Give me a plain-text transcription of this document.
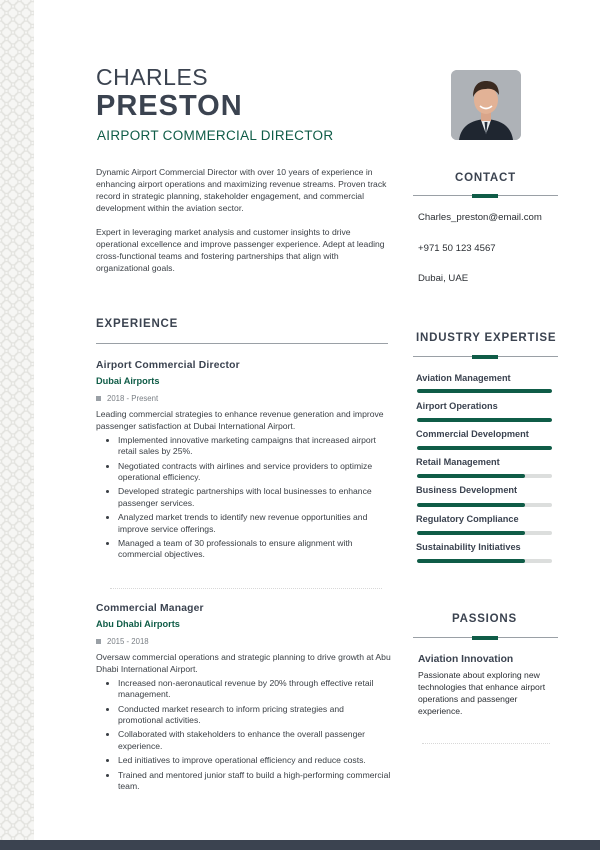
CHARLES
PRESTON
AIRPORT COMMERCIAL DIRECTOR
Dynamic Airport Commercial Director with over 10 years of experience in enhancing airport operations and maximizing revenue streams. Proven track record in strategic planning, stakeholder engagement, and commercial development within the aviation sector.
Expert in leveraging market analysis and customer insights to drive operational excellence and improve passenger experience. Adept at leading cross-functional teams and fostering partnerships that align with organizational goals.
EXPERIENCE
Airport Commercial Director
Dubai Airports
2018 - Present
Leading commercial strategies to enhance revenue generation and improve passenger satisfaction at Dubai International Airport.
• Implemented innovative marketing campaigns that increased airport retail sales by 25%.
• Negotiated contracts with airlines and service providers to optimize operational efficiency.
• Developed strategic partnerships with local businesses to enhance passenger services.
• Analyzed market trends to identify new revenue opportunities and improve service offerings.
• Managed a team of 30 professionals to ensure alignment with commercial objectives.
Commercial Manager
Abu Dhabi Airports
2015 - 2018
Oversaw commercial operations and strategic planning to drive growth at Abu Dhabi International Airport.
• Increased non-aeronautical revenue by 20% through effective retail management.
• Conducted market research to inform pricing strategies and promotional activities.
• Collaborated with stakeholders to enhance the overall passenger experience.
• Led initiatives to improve operational efficiency and reduce costs.
• Trained and mentored junior staff to build a high-performing commercial team.
CONTACT
Charles_preston@email.com
+971 50 123 4567
Dubai, UAE
INDUSTRY EXPERTISE
Aviation Management
Airport Operations
Commercial Development
Retail Management
Business Development
Regulatory Compliance
Sustainability Initiatives
PASSIONS
Aviation Innovation
Passionate about exploring new technologies that enhance airport operations and passenger experience.
